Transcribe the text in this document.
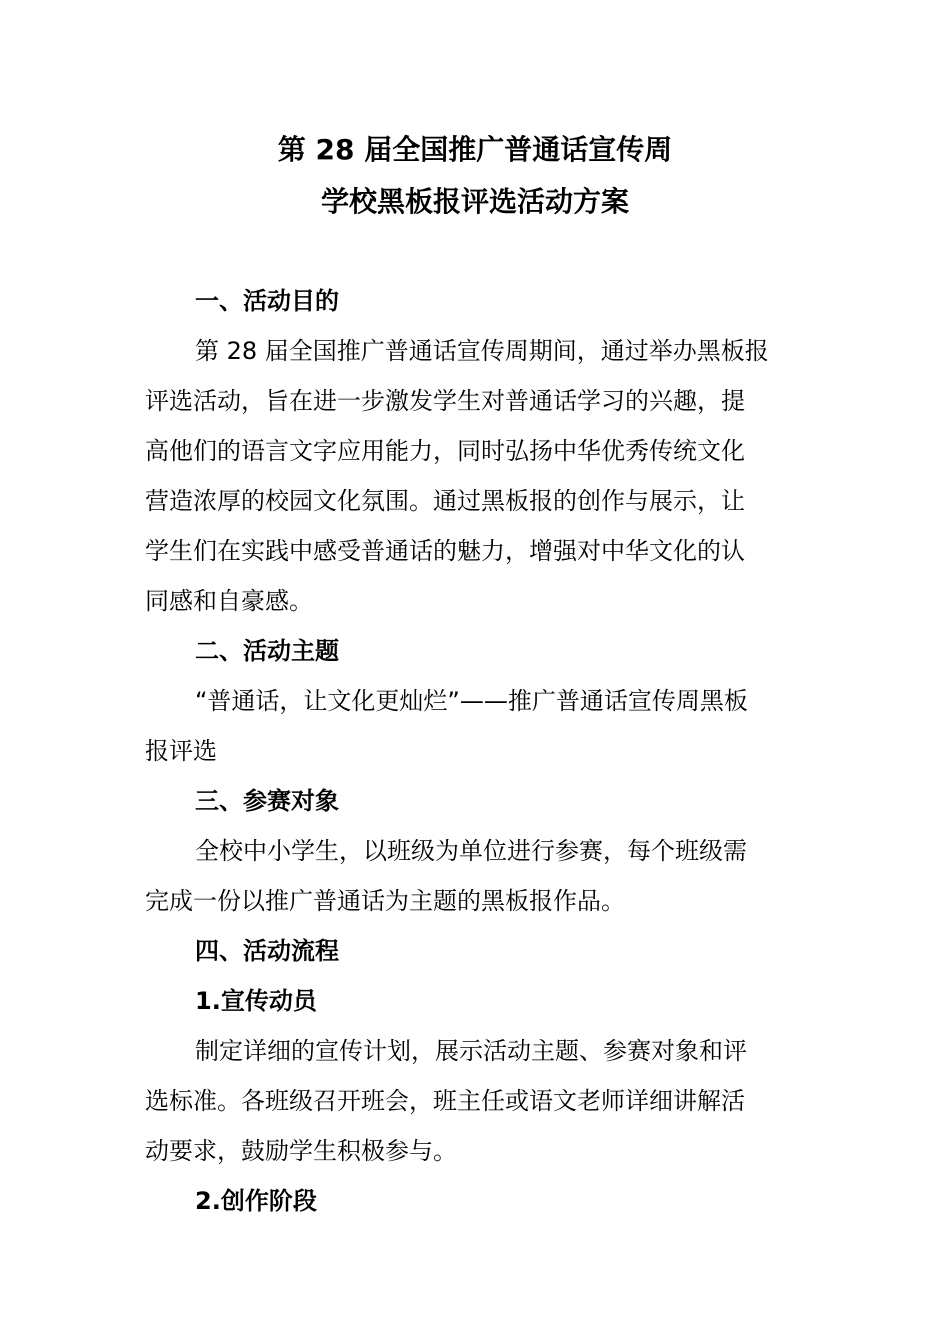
第 28 届全国推广普通话宣传周
学校黑板报评选活动方案
一、活动目的
第 28 届全国推广普通话宣传周期间，通过举办黑板报
评选活动，旨在进一步激发学生对普通话学习的兴趣，提
高他们的语言文字应用能力，同时弘扬中华优秀传统文化
营造浓厚的校园文化氛围。通过黑板报的创作与展示，让
学生们在实践中感受普通话的魅力，增强对中华文化的认
同感和自豪感。
二、活动主题
“普通话，让文化更灿烂”——推广普通话宣传周黑板
报评选
三、参赛对象
全校中小学生，以班级为单位进行参赛，每个班级需
完成一份以推广普通话为主题的黑板报作品。
四、活动流程
1.宣传动员
制定详细的宣传计划，展示活动主题、参赛对象和评
选标准。各班级召开班会，班主任或语文老师详细讲解活
动要求，鼓励学生积极参与。
2.创作阶段
